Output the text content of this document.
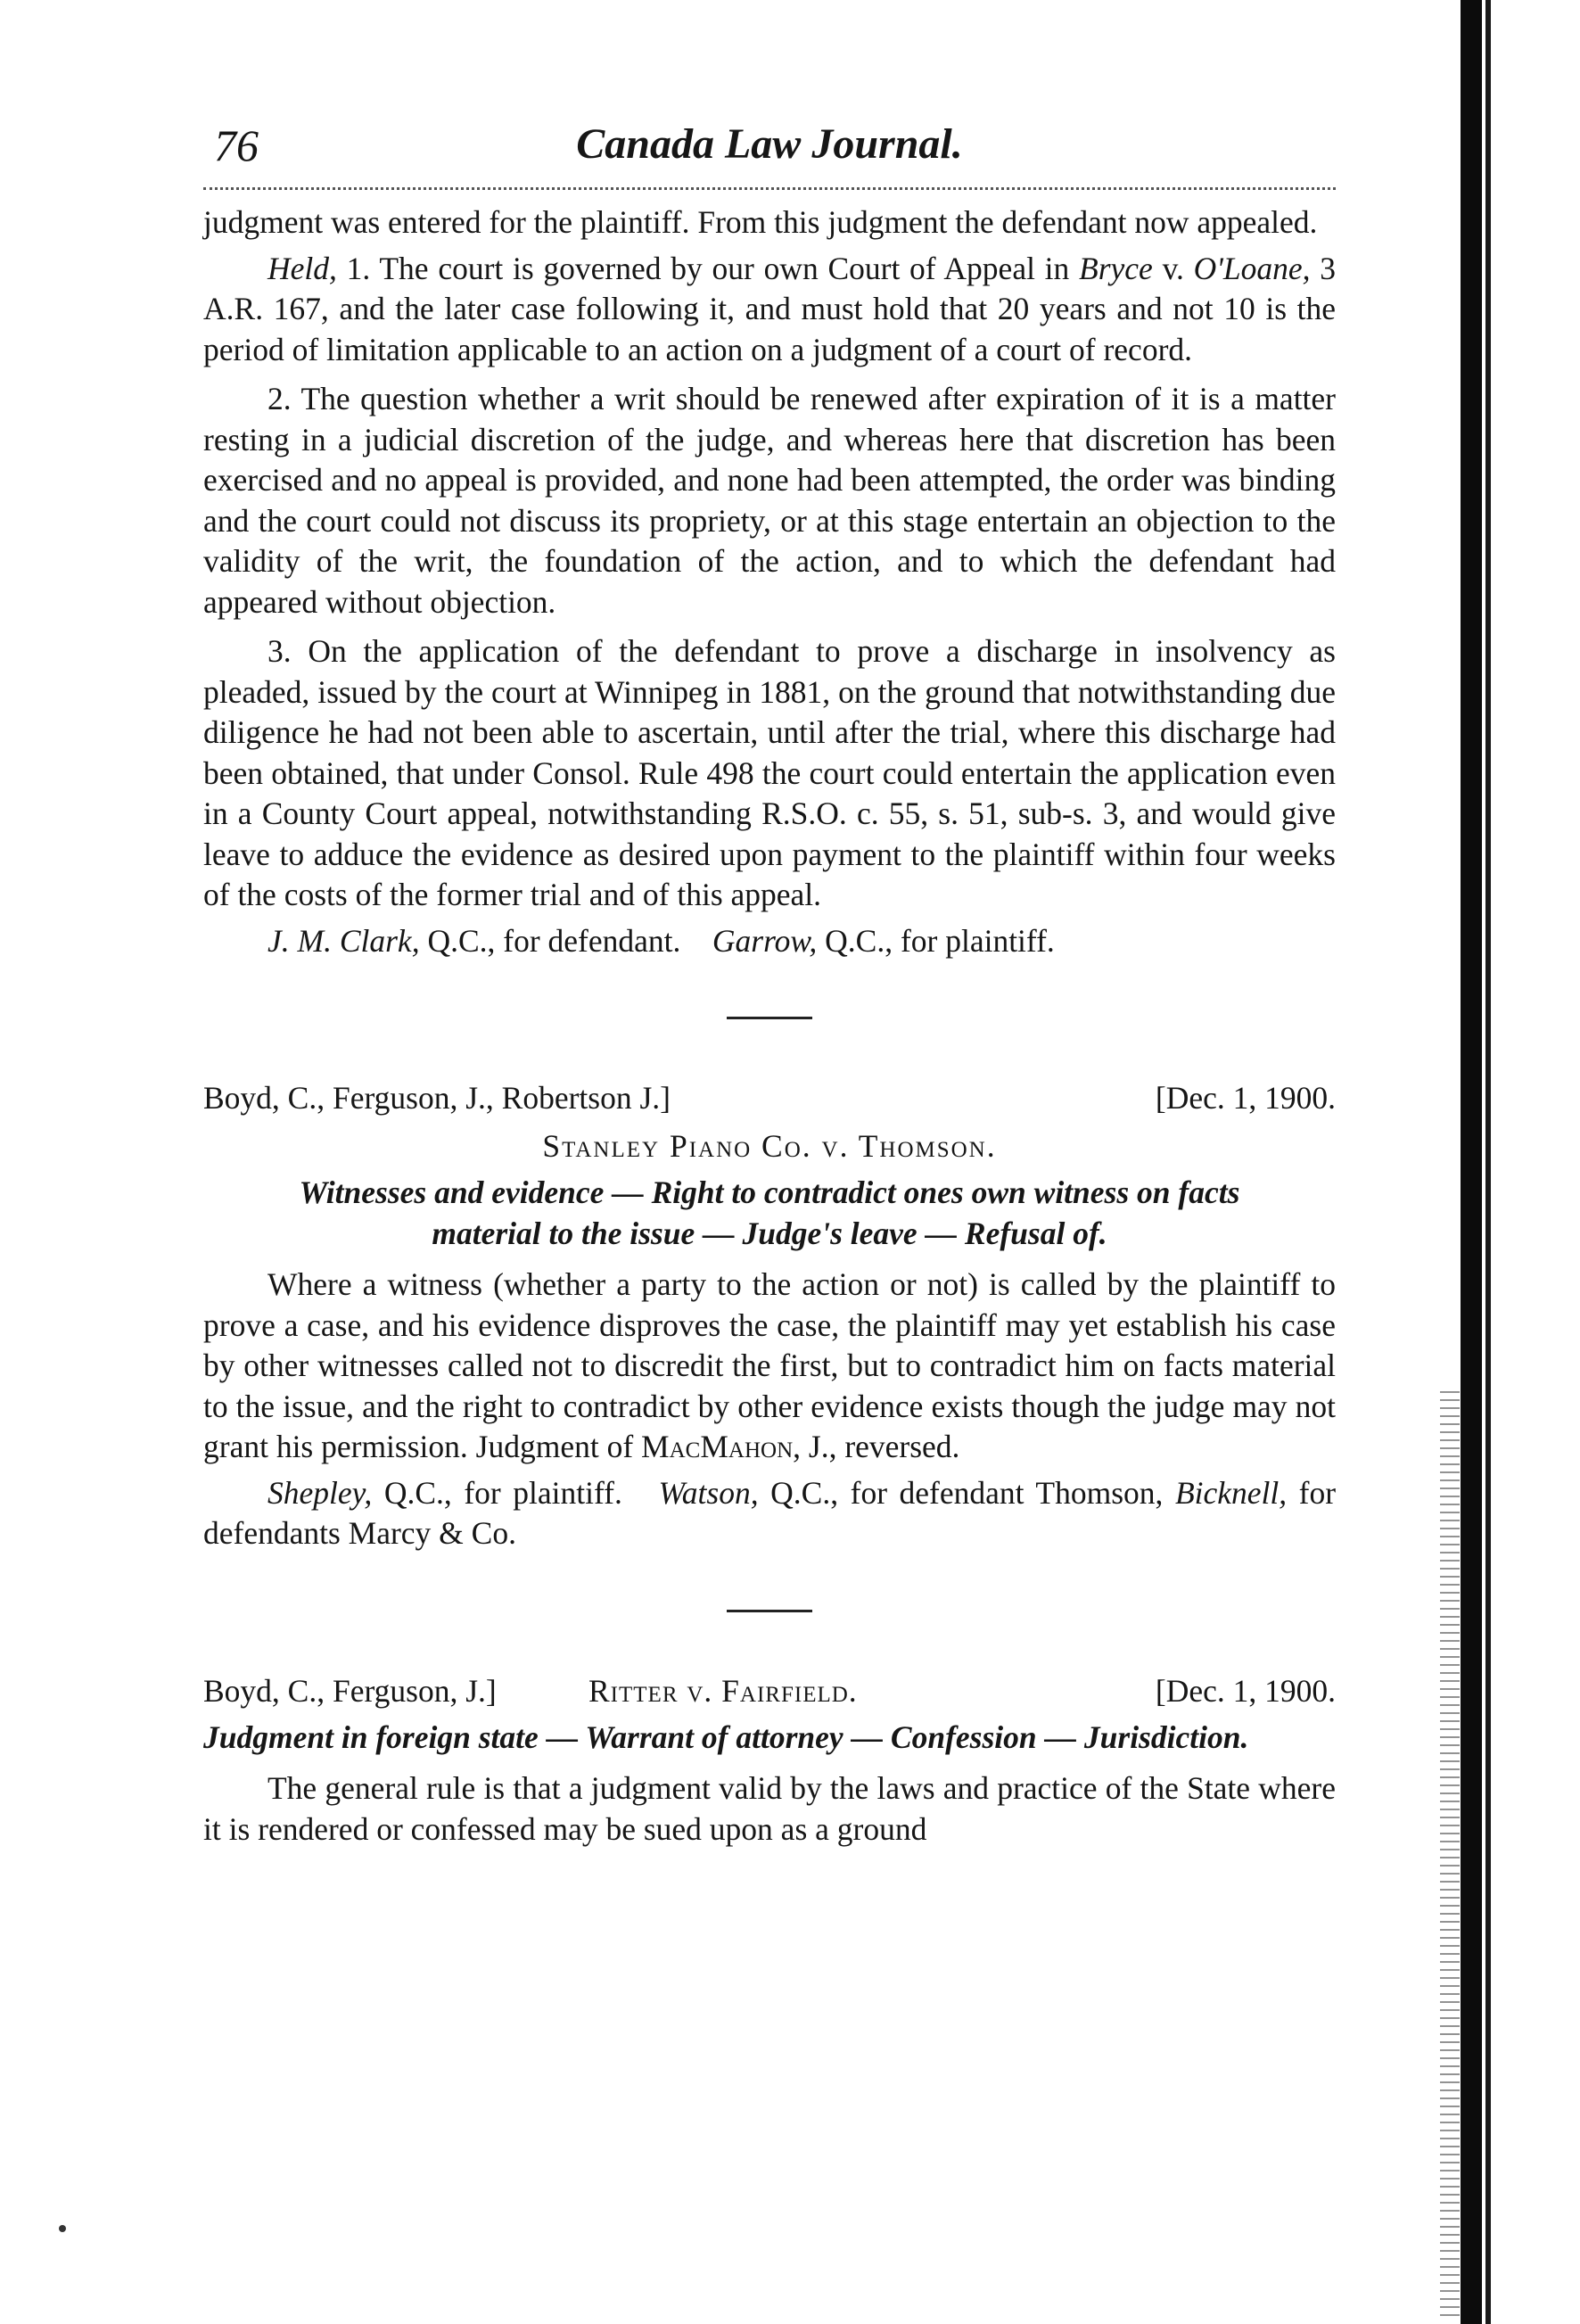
76	Canada Law Journal.

judgment was entered for the plaintiff. From this judgment the defendant now appealed.

Held, 1. The court is governed by our own Court of Appeal in Bryce v. O'Loane, 3 A.R. 167, and the later case following it, and must hold that 20 years and not 10 is the period of limitation applicable to an action on a judgment of a court of record.

2. The question whether a writ should be renewed after expiration of it is a matter resting in a judicial discretion of the judge, and whereas here that discretion has been exercised and no appeal is provided, and none had been attempted, the order was binding and the court could not discuss its propriety, or at this stage entertain an objection to the validity of the writ, the foundation of the action, and to which the defendant had appeared without objection.

3. On the application of the defendant to prove a discharge in insolvency as pleaded, issued by the court at Winnipeg in 1881, on the ground that notwithstanding due diligence he had not been able to ascertain, until after the trial, where this discharge had been obtained, that under Consol. Rule 498 the court could entertain the application even in a County Court appeal, notwithstanding R.S.O. c. 55, s. 51, sub-s. 3, and would give leave to adduce the evidence as desired upon payment to the plaintiff within four weeks of the costs of the former trial and of this appeal.

J. M. Clark, Q.C., for defendant. Garrow, Q.C., for plaintiff.

Boyd, C., Ferguson, J., Robertson J.]	[Dec. 1, 1900.
Stanley Piano Co. v. Thomson.
Witnesses and evidence — Right to contradict ones own witness on facts
material to the issue — Judge's leave — Refusal of.

Where a witness (whether a party to the action or not) is called by the plaintiff to prove a case, and his evidence disproves the case, the plaintiff may yet establish his case by other witnesses called not to discredit the first, but to contradict him on facts material to the issue, and the right to contradict by other evidence exists though the judge may not grant his permission. Judgment of MacMahon, J., reversed.

Shepley, Q.C., for plaintiff. Watson, Q.C., for defendant Thomson, Bicknell, for defendants Marcy & Co.

Boyd, C., Ferguson, J.]	Ritter v. Fairfield.	[Dec. 1, 1900.
Judgment in foreign state — Warrant of attorney — Confession — Jurisdiction.

The general rule is that a judgment valid by the laws and practice of the State where it is rendered or confessed may be sued upon as a ground
